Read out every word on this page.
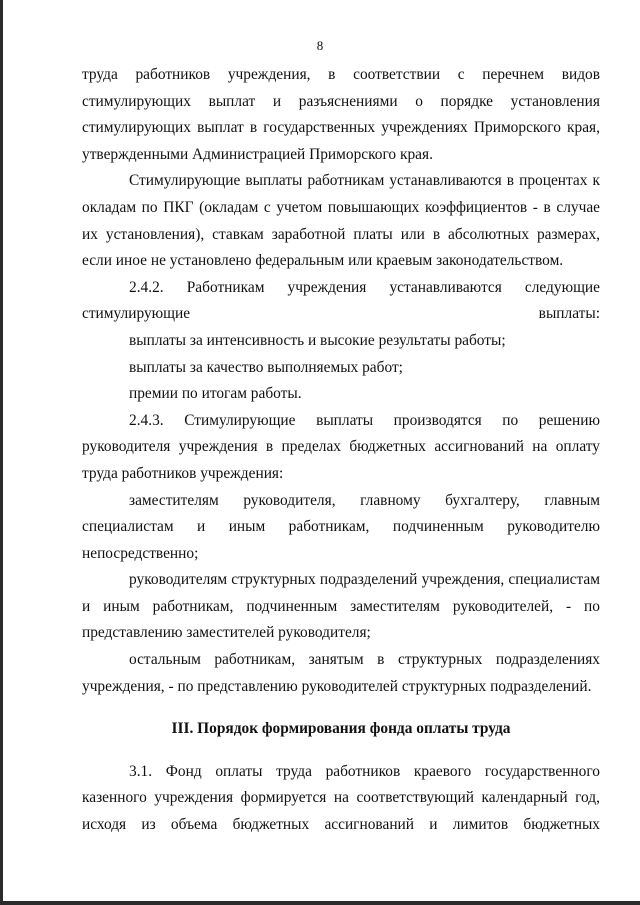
8

труда работников учреждения, в соответствии с перечнем видов стимулирующих выплат и разъяснениями о порядке установления стимулирующих выплат в государственных учреждениях Приморского края, утвержденными Администрацией Приморского края.

Стимулирующие выплаты работникам устанавливаются в процентах к окладам по ПКГ (окладам с учетом повышающих коэффициентов - в случае их установления), ставкам заработной платы или в абсолютных размерах, если иное не установлено федеральным или краевым законодательством.

2.4.2. Работникам учреждения устанавливаются следующие стимулирующие выплаты:

выплаты за интенсивность и высокие результаты работы;

выплаты за качество выполняемых работ;

премии по итогам работы.

2.4.3. Стимулирующие выплаты производятся по решению руководителя учреждения в пределах бюджетных ассигнований на оплату труда работников учреждения:

заместителям руководителя, главному бухгалтеру, главным специалистам и иным работникам, подчиненным руководителю непосредственно;

руководителям структурных подразделений учреждения, специалистам и иным работникам, подчиненным заместителям руководителей, - по представлению заместителей руководителя;

остальным работникам, занятым в структурных подразделениях учреждения, - по представлению руководителей структурных подразделений.

III. Порядок формирования фонда оплаты труда

3.1. Фонд оплаты труда работников краевого государственного казенного учреждения формируется на соответствующий календарный год, исходя из объема бюджетных ассигнований и лимитов бюджетных
